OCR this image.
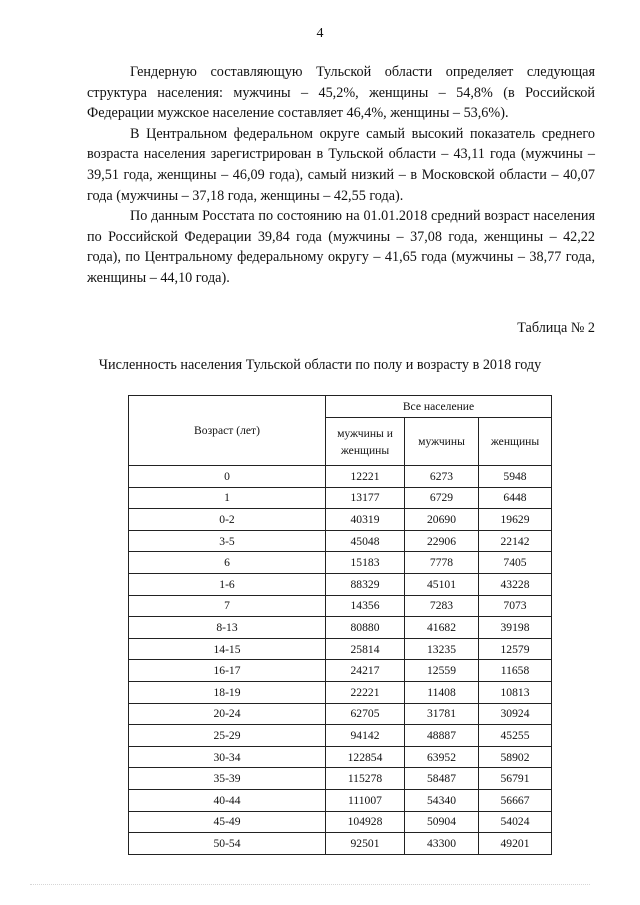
4

Гендерную составляющую Тульской области определяет следующая структура населения: мужчины – 45,2%, женщины – 54,8% (в Российской Федерации мужское население составляет 46,4%, женщины – 53,6%).

В Центральном федеральном округе самый высокий показатель среднего возраста населения зарегистрирован в Тульской области – 43,11 года (мужчины – 39,51 года, женщины – 46,09 года), самый низкий – в Московской области – 40,07 года (мужчины – 37,18 года, женщины – 42,55 года).

По данным Росстата по состоянию на 01.01.2018 средний возраст населения по Российской Федерации 39,84 года (мужчины – 37,08 года, женщины – 42,22 года), по Центральному федеральному округу – 41,65 года (мужчины – 38,77 года, женщины – 44,10 года).

Таблица № 2
Численность населения Тульской области по полу и возрасту в 2018 году
Возраст (лет)	Все население		
	мужчины и женщины	мужчины	женщины
0	12221	6273	5948
1	13177	6729	6448
0-2	40319	20690	19629
3-5	45048	22906	22142
6	15183	7778	7405
1-6	88329	45101	43228
7	14356	7283	7073
8-13	80880	41682	39198
14-15	25814	13235	12579
16-17	24217	12559	11658
18-19	22221	11408	10813
20-24	62705	31781	30924
25-29	94142	48887	45255
30-34	122854	63952	58902
35-39	115278	58487	56791
40-44	111007	54340	56667
45-49	104928	50904	54024
50-54	92501	43300	49201
